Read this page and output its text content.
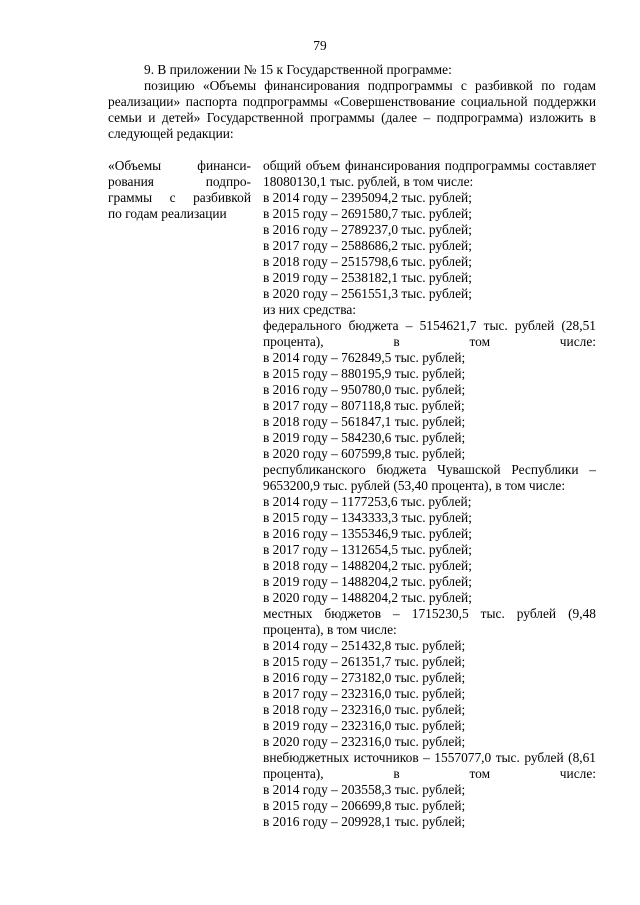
79

9. В приложении № 15 к Государственной программе:

позицию «Объемы финансирования подпрограммы с разбивкой по годам реализации» паспорта подпрограммы «Совершенствование социальной поддержки семьи и детей» Государственной программы (далее – подпрограмма) изложить в следующей редакции:

«Объемы финанси-

рования подпро-

граммы с разбивкой

по годам реализации

общий объем финансирования подпрограммы составляет 18080130,1 тыс. рублей, в том числе:

в 2014 году – 2395094,2 тыс. рублей;

в 2015 году – 2691580,7 тыс. рублей;

в 2016 году – 2789237,0 тыс. рублей;

в 2017 году – 2588686,2 тыс. рублей;

в 2018 году – 2515798,6 тыс. рублей;

в 2019 году – 2538182,1 тыс. рублей;

в 2020 году – 2561551,3 тыс. рублей;

из них средства:

федерального бюджета – 5154621,7 тыс. рублей (28,51 процента), в том числе:

в 2014 году – 762849,5 тыс. рублей;

в 2015 году – 880195,9 тыс. рублей;

в 2016 году – 950780,0 тыс. рублей;

в 2017 году – 807118,8 тыс. рублей;

в 2018 году – 561847,1 тыс. рублей;

в 2019 году – 584230,6 тыс. рублей;

в 2020 году – 607599,8 тыс. рублей;

республиканского бюджета Чувашской Республики – 9653200,9 тыс. рублей (53,40 процента), в том числе:

в 2014 году – 1177253,6 тыс. рублей;

в 2015 году – 1343333,3 тыс. рублей;

в 2016 году – 1355346,9 тыс. рублей;

в 2017 году – 1312654,5 тыс. рублей;

в 2018 году – 1488204,2 тыс. рублей;

в 2019 году – 1488204,2 тыс. рублей;

в 2020 году – 1488204,2 тыс. рублей;

местных бюджетов – 1715230,5 тыс. рублей (9,48 процента), в том числе:

в 2014 году – 251432,8 тыс. рублей;

в 2015 году – 261351,7 тыс. рублей;

в 2016 году – 273182,0 тыс. рублей;

в 2017 году – 232316,0 тыс. рублей;

в 2018 году – 232316,0 тыс. рублей;

в 2019 году – 232316,0 тыс. рублей;

в 2020 году – 232316,0 тыс. рублей;

внебюджетных источников – 1557077,0 тыс. рублей (8,61 процента), в том числе:

в 2014 году – 203558,3 тыс. рублей;

в 2015 году – 206699,8 тыс. рублей;

в 2016 году – 209928,1 тыс. рублей;
